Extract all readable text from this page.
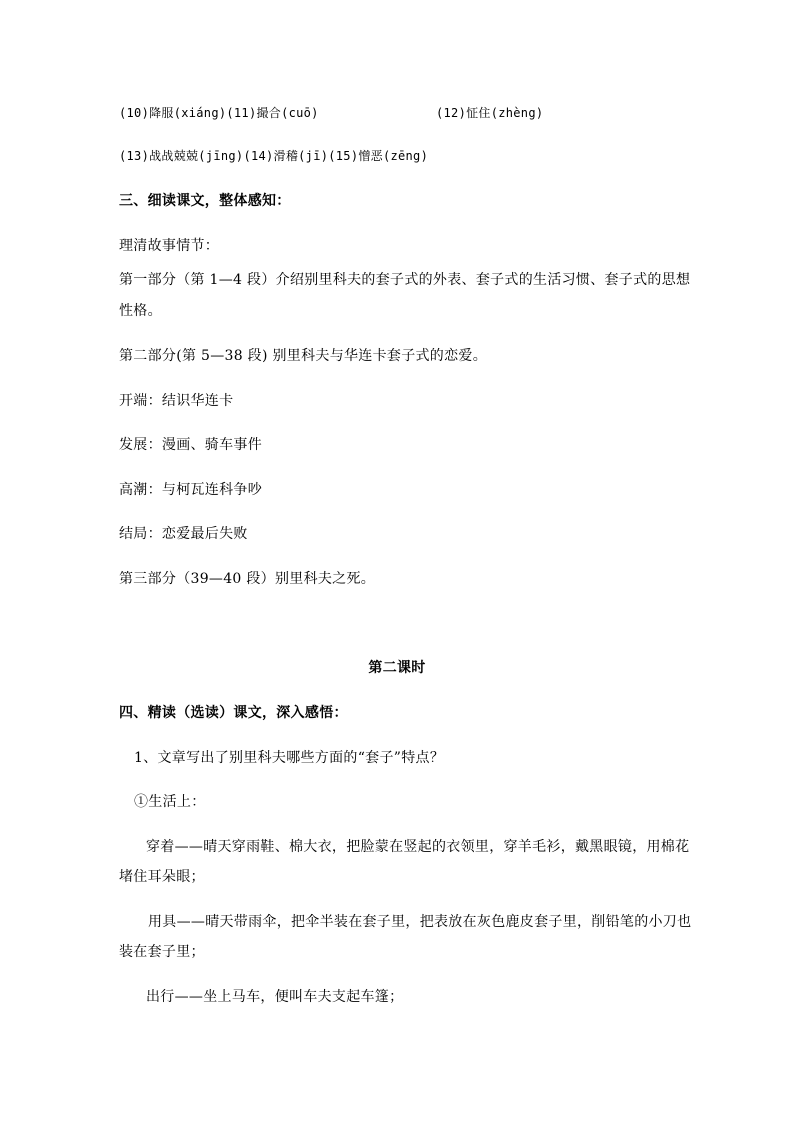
(10)降服(xiáng)(11)撮合(cuō)	(12)怔住(zhèng)
(13)战战兢兢(jīng)(14)滑稽(jī)(15)憎恶(zēng)
三、细读课文，整体感知：
理清故事情节：
第一部分（第 1—4 段）介绍别里科夫的套子式的外表、套子式的生活习惯、套子式的思想
性格。
第二部分(第 5—38 段) 别里科夫与华连卡套子式的恋爱。
开端：结识华连卡
发展：漫画、骑车事件
高潮：与柯瓦连科争吵
结局：恋爱最后失败
第三部分（39—40 段）别里科夫之死。
第二课时
四、精读（选读）课文，深入感悟：
1、文章写出了别里科夫哪些方面的“套子”特点？
①生活上：
穿着——晴天穿雨鞋、棉大衣，把脸蒙在竖起的衣领里，穿羊毛衫，戴黑眼镜，用棉花
堵住耳朵眼；
用具——晴天带雨伞，把伞半装在套子里，把表放在灰色鹿皮套子里，削铅笔的小刀也
装在套子里；
出行——坐上马车，便叫车夫支起车篷；
